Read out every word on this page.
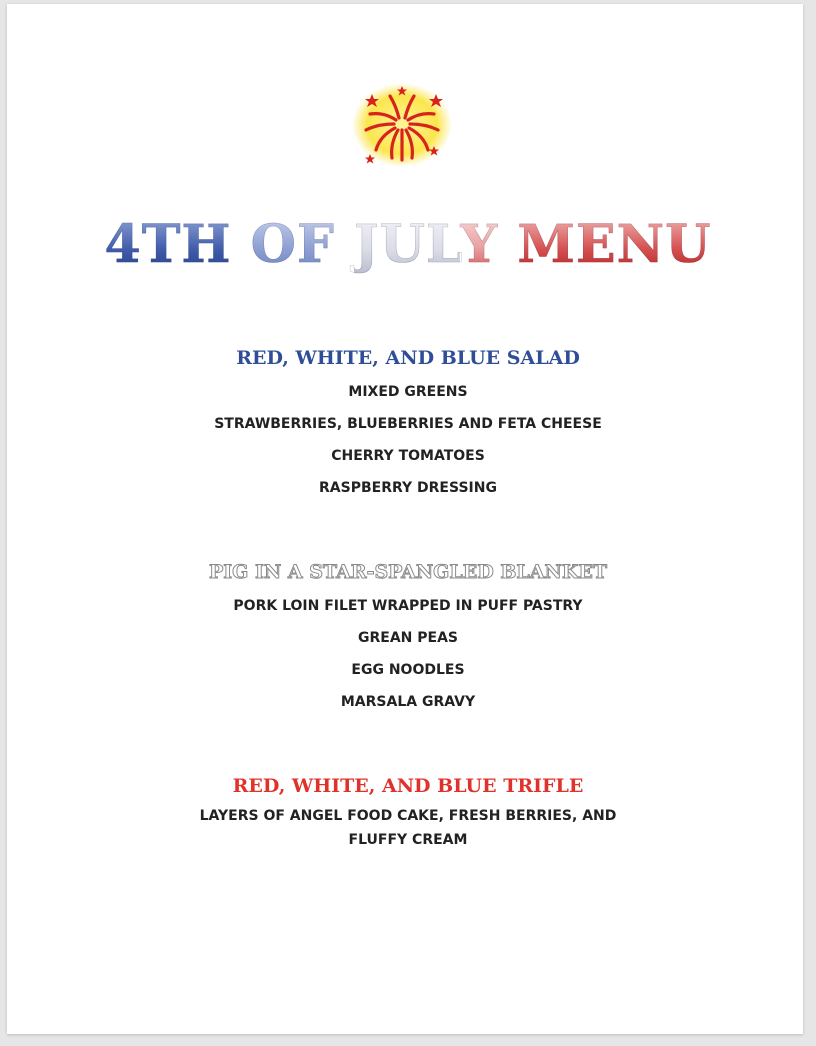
4TH OF JULY MENU
RED, WHITE, AND BLUE SALAD
MIXED GREENS
STRAWBERRIES, BLUEBERRIES AND FETA CHEESE
CHERRY TOMATOES
RASPBERRY DRESSING
PIG IN A STAR-SPANGLED BLANKET
PORK LOIN FILET WRAPPED IN PUFF PASTRY
GREAN PEAS
EGG NOODLES
MARSALA GRAVY
RED, WHITE, AND BLUE TRIFLE
LAYERS OF ANGEL FOOD CAKE, FRESH BERRIES, AND FLUFFY CREAM
